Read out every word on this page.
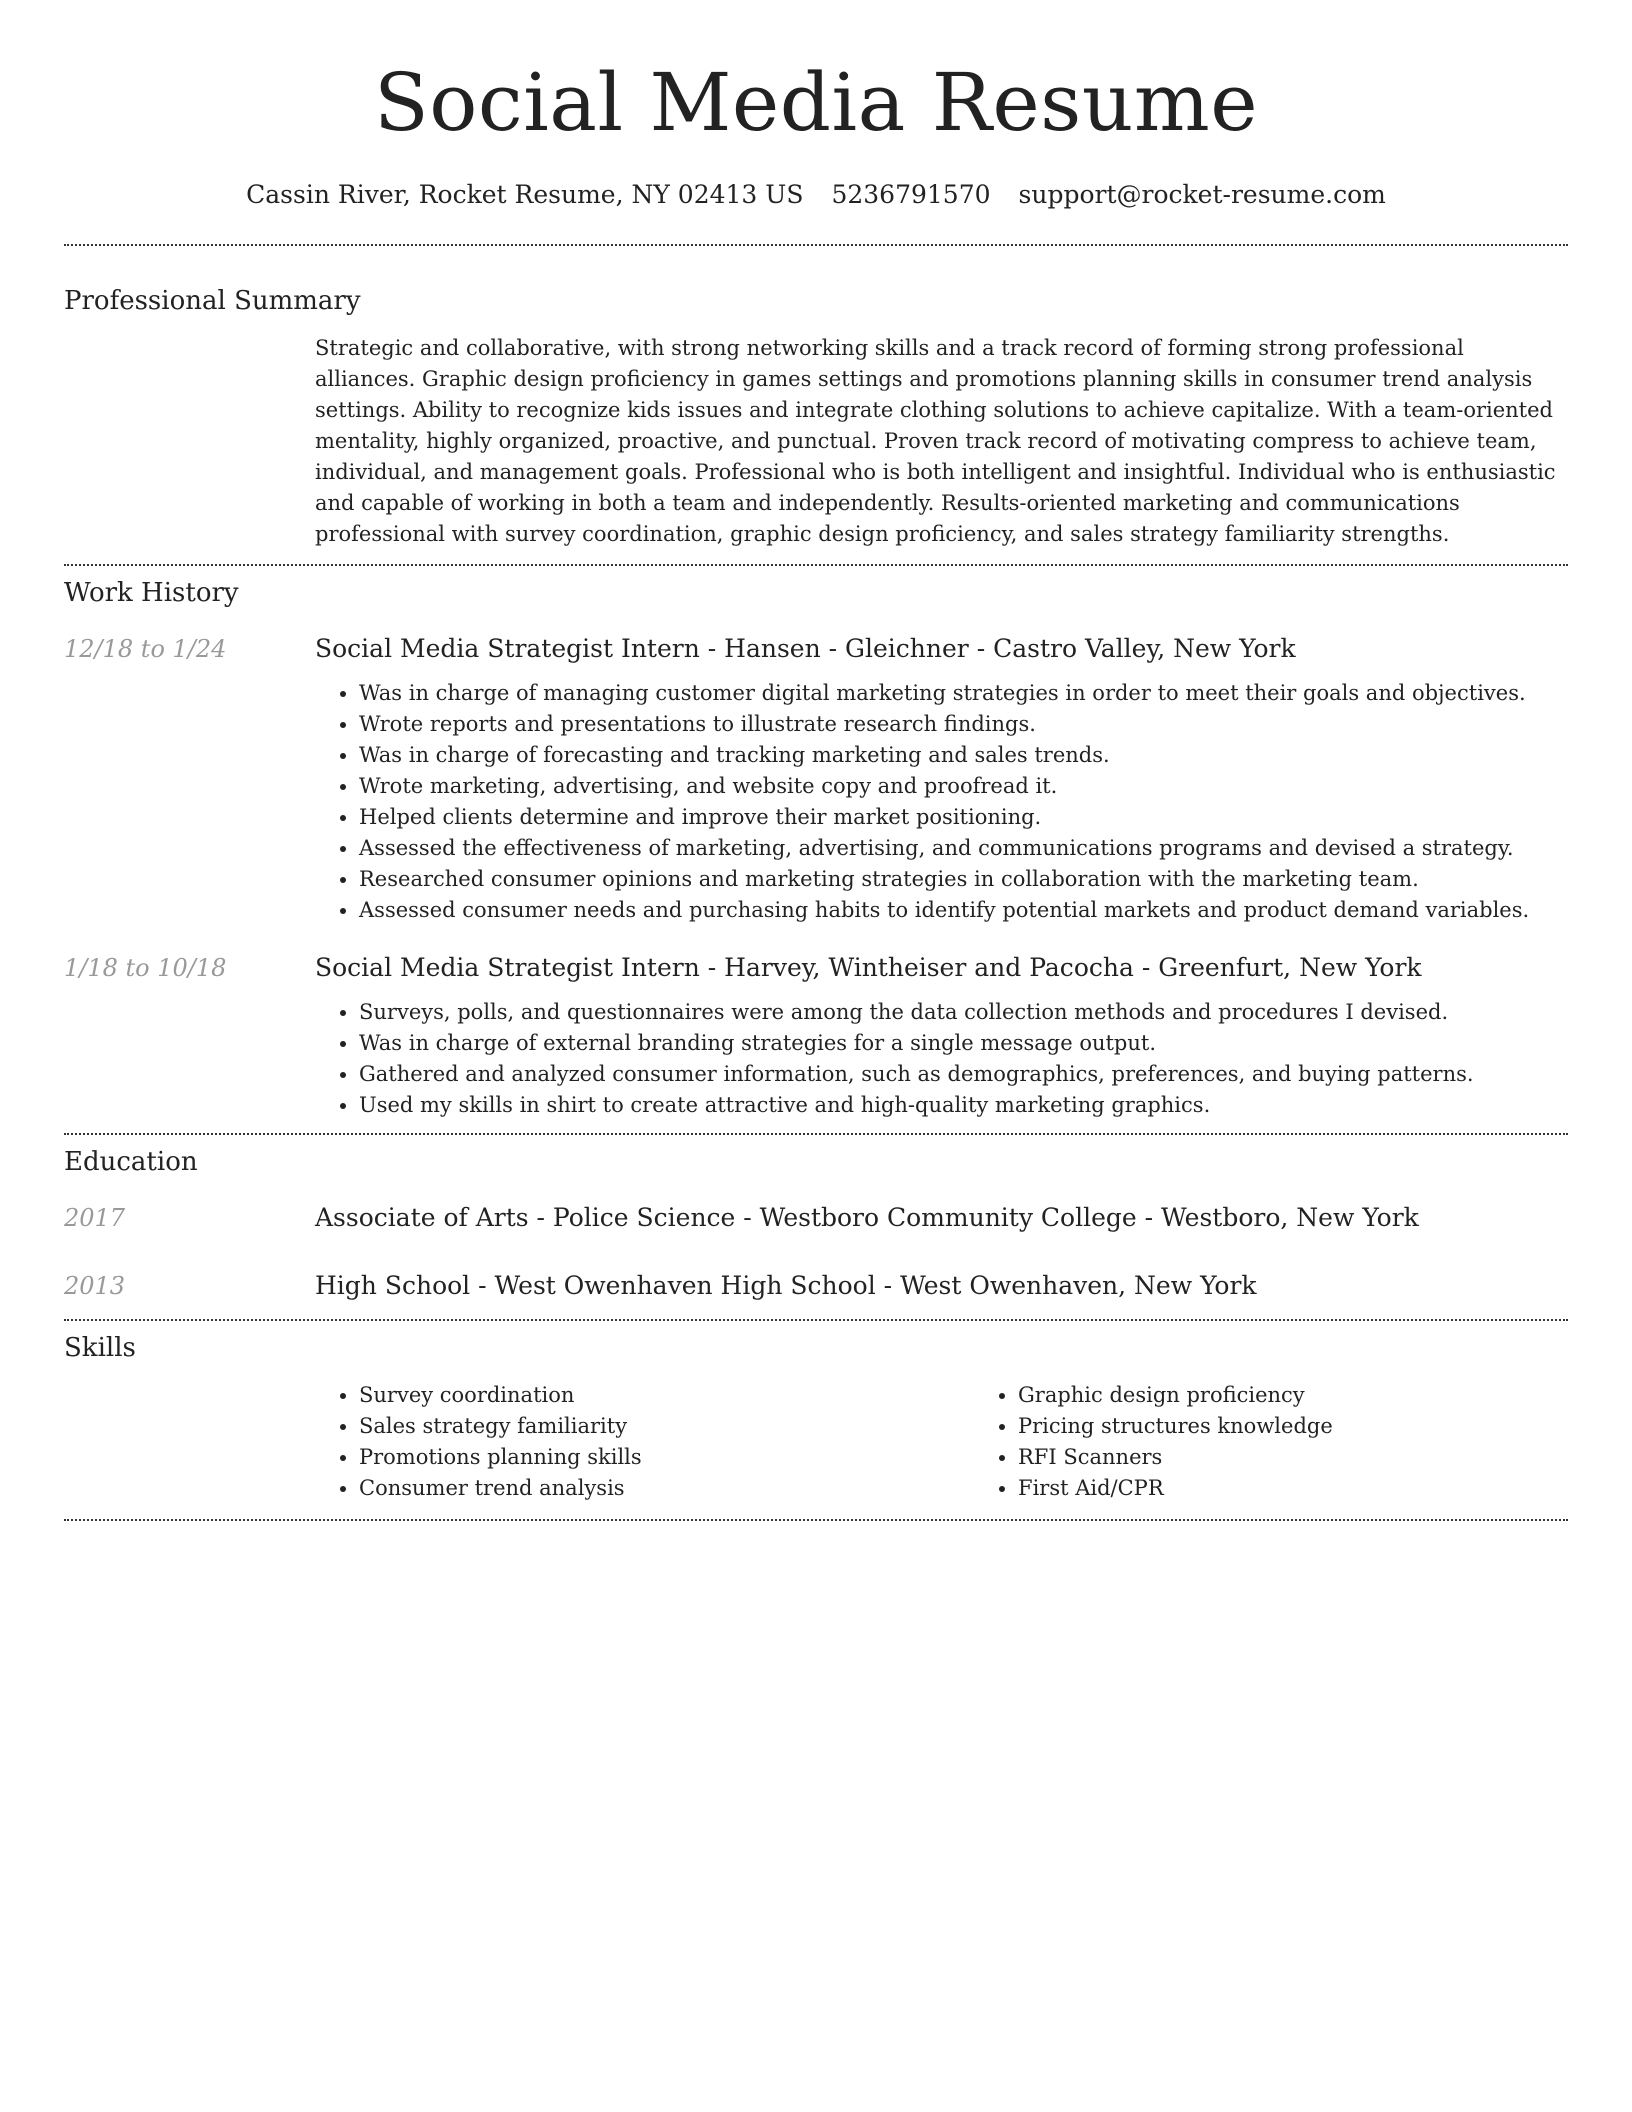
Social Media Resume
Cassin River, Rocket Resume, NY 02413 US 5236791570 support@rocket-resume.com
Professional Summary

Strategic and collaborative, with strong networking skills and a track record of forming strong professional alliances. Graphic design proficiency in games settings and promotions planning skills in consumer trend analysis settings. Ability to recognize kids issues and integrate clothing solutions to achieve capitalize. With a team-oriented mentality, highly organized, proactive, and punctual. Proven track record of motivating compress to achieve team, individual, and management goals. Professional who is both intelligent and insightful. Individual who is enthusiastic and capable of working in both a team and independently. Results-oriented marketing and communications professional with survey coordination, graphic design proficiency, and sales strategy familiarity strengths.

Work History
12/18 to 1/24	Social Media Strategist Intern - Hansen - Gleichner - Castro Valley, New York
• Was in charge of managing customer digital marketing strategies in order to meet their goals and objectives.
• Wrote reports and presentations to illustrate research findings.
• Was in charge of forecasting and tracking marketing and sales trends.
• Wrote marketing, advertising, and website copy and proofread it.
• Helped clients determine and improve their market positioning.
• Assessed the effectiveness of marketing, advertising, and communications programs and devised a strategy.
• Researched consumer opinions and marketing strategies in collaboration with the marketing team.
• Assessed consumer needs and purchasing habits to identify potential markets and product demand variables.
1/18 to 10/18	Social Media Strategist Intern - Harvey, Wintheiser and Pacocha - Greenfurt, New York
• Surveys, polls, and questionnaires were among the data collection methods and procedures I devised.
• Was in charge of external branding strategies for a single message output.
• Gathered and analyzed consumer information, such as demographics, preferences, and buying patterns.
• Used my skills in shirt to create attractive and high-quality marketing graphics.
Education
2017	Associate of Arts - Police Science - Westboro Community College - Westboro, New York
2013	High School - West Owenhaven High School - West Owenhaven, New York
Skills
• Survey coordination
• Sales strategy familiarity
• Promotions planning skills
• Consumer trend analysis
• Graphic design proficiency
• Pricing structures knowledge
• RFI Scanners
• First Aid/CPR
